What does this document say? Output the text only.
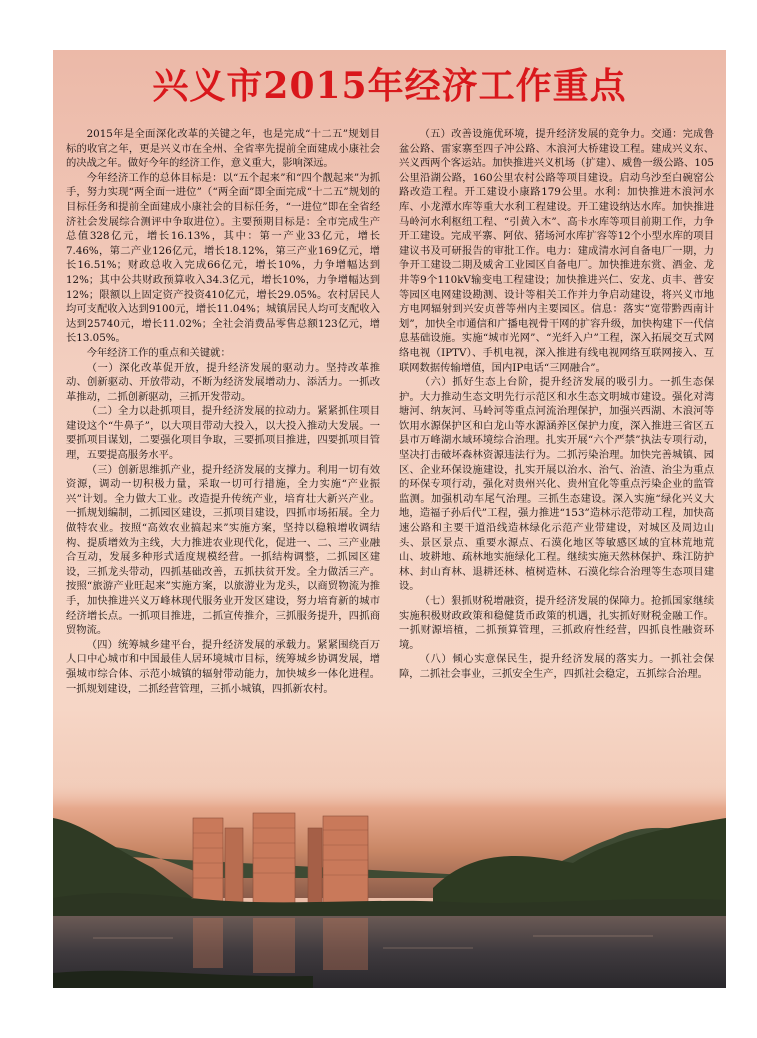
兴义市2015年经济工作重点

2015年是全面深化改革的关键之年，也是完成“十二五”规划目标的收官之年，更是兴义市在全州、全省率先提前全面建成小康社会的决战之年。做好今年的经济工作，意义重大，影响深远。

今年经济工作的总体目标是：以“五个起来”和“四个靓起来”为抓手，努力实现“两全面一进位”（“两全面”即全面完成“十二五”规划的目标任务和提前全面建成小康社会的目标任务，“一进位”即在全省经济社会发展综合测评中争取进位）。主要预期目标是：全市完成生产总值328亿元，增长16.13%，其中：第一产业33亿元，增长7.46%，第二产业126亿元，增长18.12%，第三产业169亿元，增长16.51%；财政总收入完成66亿元，增长10%，力争增幅达到12%；其中公共财政预算收入34.3亿元，增长10%，力争增幅达到12%；限额以上固定资产投资410亿元，增长29.05%。农村居民人均可支配收入达到9100元，增长11.04%；城镇居民人均可支配收入达到25740元，增长11.02%；全社会消费品零售总额123亿元，增长13.05%。

今年经济工作的重点和关键就：

（一）深化改革促开放，提升经济发展的驱动力。坚持改革推动、创新驱动、开放带动，不断为经济发展增动力、添活力。一抓改革推动，二抓创新驱动，三抓开发带动。

（二）全力以赴抓项目，提升经济发展的拉动力。紧紧抓住项目建设这个“牛鼻子”，以大项目带动大投入，以大投入推动大发展。一要抓项目谋划，二要强化项目争取，三要抓项目推进，四要抓项目管理，五要提高服务水平。

（三）创新思维抓产业，提升经济发展的支撑力。利用一切有效资源，调动一切积极力量，采取一切可行措施，全力实施“产业振兴”计划。全力做大工业。改造提升传统产业，培育壮大新兴产业。一抓规划编制，二抓园区建设，三抓项目建设，四抓市场拓展。全力做特农业。按照“高效农业搞起来”实施方案，坚持以稳粮增收调结构、提质增效为主线，大力推进农业现代化，促进一、二、三产业融合互动，发展多种形式适度规模经营。一抓结构调整，二抓园区建设，三抓龙头带动，四抓基础改善，五抓扶贫开发。全力做活三产。按照“旅游产业旺起来”实施方案，以旅游业为龙头，以商贸物流为推手，加快推进兴义万峰林现代服务业开发区建设，努力培育新的城市经济增长点。一抓项目推进，二抓宣传推介，三抓服务提升，四抓商贸物流。

（四）统筹城乡建平台，提升经济发展的承载力。紧紧围绕百万人口中心城市和中国最佳人居环境城市目标，统筹城乡协调发展，增强城市综合体、示范小城镇的辐射带动能力，加快城乡一体化进程。一抓规划建设，二抓经营管理，三抓小城镇，四抓新农村。

（五）改善设施优环境，提升经济发展的竞争力。交通：完成鲁盆公路、雷家寨至四子冲公路、木浪河大桥建设工程。建成兴义东、兴义西两个客运站。加快推进兴义机场（扩建）、威鲁一级公路、105公里沿湖公路，160公里农村公路等项目建设。启动乌沙至白碗窑公路改造工程。开工建设小康路179公里。水利：加快推进木浪河水库、小龙潭水库等重大水利工程建设。开工建设纳达水库。加快推进马岭河水利枢纽工程、“引黄入木”、高卡水库等项目前期工作，力争开工建设。完成平寨、阿依、猪场河水库扩容等12个小型水库的项目建议书及可研报告的审批工作。电力：建成清水河自备电厂一期，力争开工建设二期及威舍工业园区自备电厂。加快推进东赏、酒金、龙井等9个110kV输变电工程建设；加快推进兴仁、安龙、贞丰、普安等园区电网建设勘测、设计等相关工作并力争启动建设，将兴义市地方电网辐射到兴安贞普等州内主要园区。信息：落实“宽带黔西南计划”，加快全市通信和广播电视骨干网的扩容升级，加快构建下一代信息基础设施。实施“城市光网”、“光纤入户”工程，深入拓展交互式网络电视（IPTV）、手机电视，深入推进有线电视网络互联网接入、互联网数据传输增值，国内IP电话“三网融合”。

（六）抓好生态上台阶，提升经济发展的吸引力。一抓生态保护。大力推动生态文明先行示范区和水生态文明城市建设。强化对湾塘河、纳灰河、马岭河等重点河流治理保护，加强兴西湖、木浪河等饮用水源保护区和白龙山等水源涵养区保护力度，深入推进三省区五县市万峰湖水域环境综合治理。扎实开展“六个严禁”执法专项行动，坚决打击破坏森林资源违法行为。二抓污染治理。加快完善城镇、园区、企业环保设施建设，扎实开展以治水、治气、治渣、治尘为重点的环保专项行动，强化对贵州兴化、贵州宜化等重点污染企业的监管监测。加强机动车尾气治理。三抓生态建设。深入实施“绿化兴义大地，造福子孙后代”工程，强力推进“153”造林示范带动工程，加快高速公路和主要干道沿线造林绿化示范产业带建设，对城区及周边山头、景区景点、重要水源点、石漠化地区等敏感区域的宜林荒地荒山、坡耕地、疏林地实施绿化工程。继续实施天然林保护、珠江防护林、封山育林、退耕还林、植树造林、石漠化综合治理等生态项目建设。

（七）狠抓财税增融资，提升经济发展的保障力。抢抓国家继续实施积极财政政策和稳健货币政策的机遇，扎实抓好财税金融工作。一抓财源培植，二抓预算管理，三抓政府性经营，四抓良性融资环境。

（八）倾心实意保民生，提升经济发展的落实力。一抓社会保障，二抓社会事业，三抓安全生产，四抓社会稳定，五抓综合治理。
